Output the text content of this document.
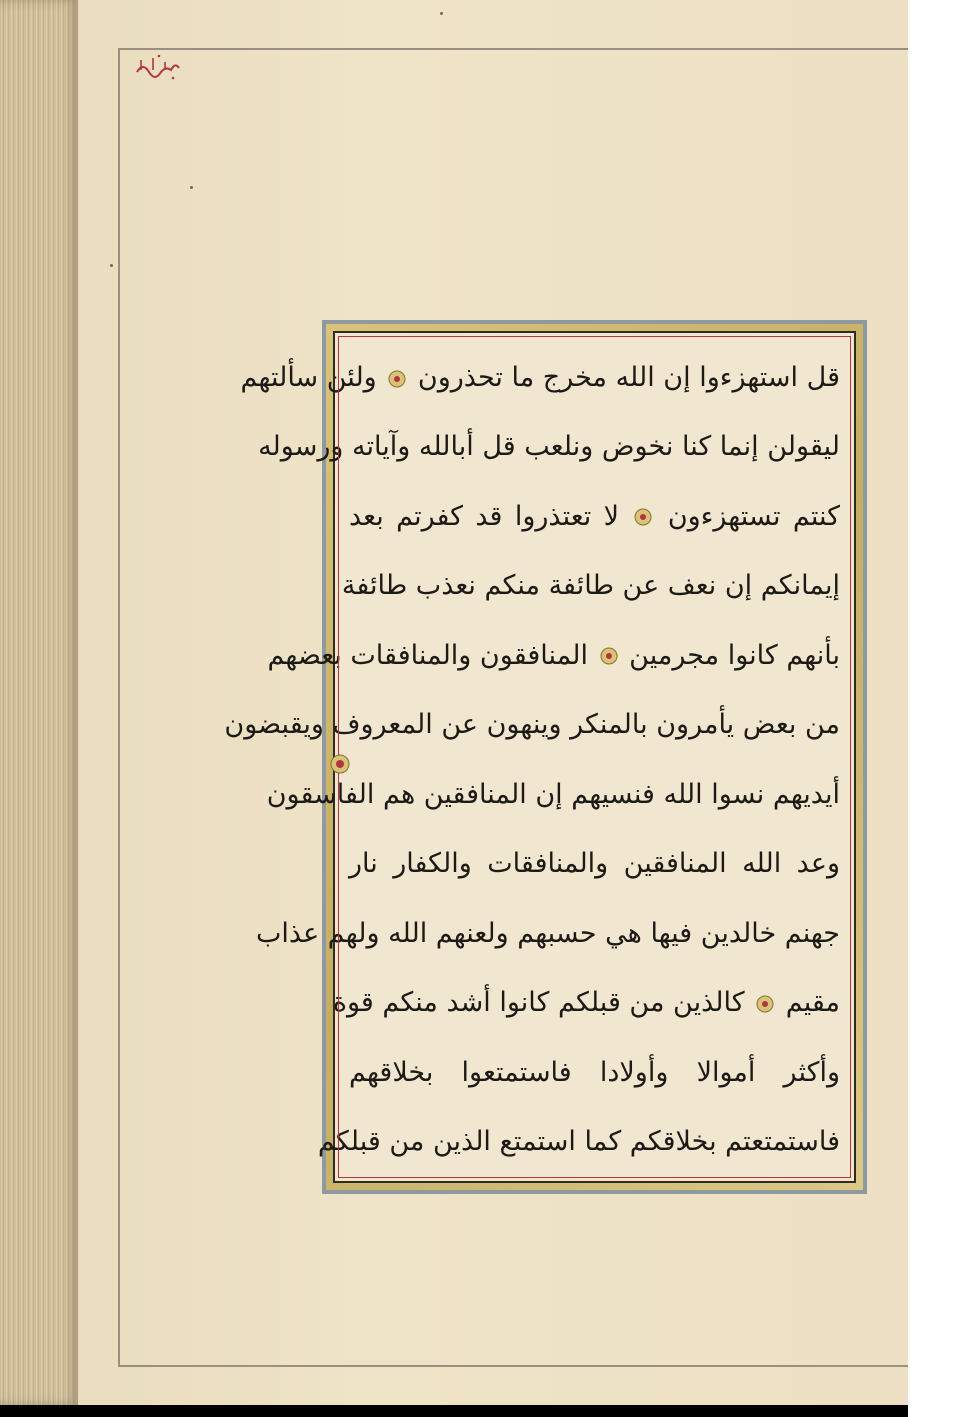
قل استهزءوا إن الله مخرج ما تحذرون  ولئن سألتهم
ليقولن إنما كنا نخوض ونلعب قل أبالله وآياته ورسوله
كنتم تستهزءون  لا تعتذروا قد كفرتم بعد
إيمانكم إن نعف عن طائفة منكم نعذب طائفة
بأنهم كانوا مجرمين  المنافقون والمنافقات بعضهم
من بعض يأمرون بالمنكر وينهون عن المعروف ويقبضون
أيديهم نسوا الله فنسيهم إن المنافقين هم الفاسقون
وعد الله المنافقين والمنافقات والكفار نار
جهنم خالدين فيها هي حسبهم ولعنهم الله ولهم عذاب
مقيم  كالذين من قبلكم كانوا أشد منكم قوة
وأكثر أموالا وأولادا فاستمتعوا بخلاقهم
فاستمتعتم بخلاقكم كما استمتع الذين من قبلكم
